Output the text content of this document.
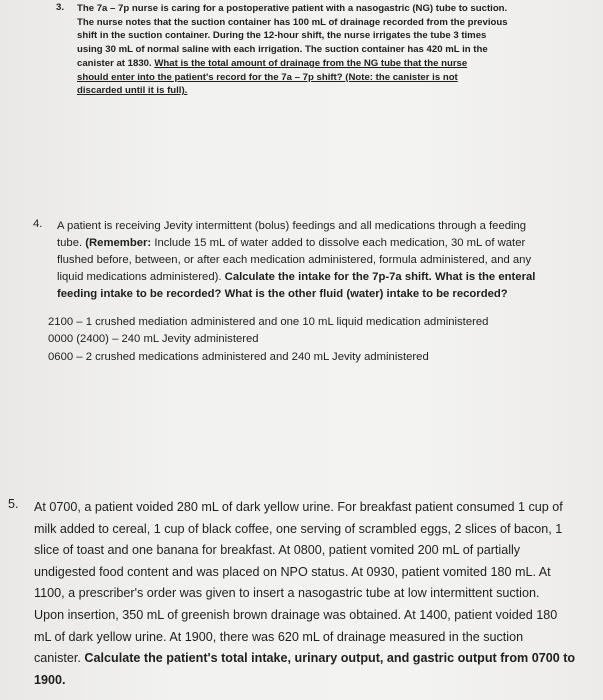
3. The 7a – 7p nurse is caring for a postoperative patient with a nasogastric (NG) tube to suction.
The nurse notes that the suction container has 100 mL of drainage recorded from the previous
shift in the suction container. During the 12-hour shift, the nurse irrigates the tube 3 times
using 30 mL of normal saline with each irrigation. The suction container has 420 mL in the
canister at 1830. What is the total amount of drainage from the NG tube that the nurse
should enter into the patient's record for the 7a – 7p shift? (Note: the canister is not
discarded until it is full).
4. A patient is receiving Jevity intermittent (bolus) feedings and all medications through a feeding
tube. (Remember: Include 15 mL of water added to dissolve each medication, 30 mL of water
flushed before, between, or after each medication administered, formula administered, and any
liquid medications administered). Calculate the intake for the 7p-7a shift. What is the enteral
feeding intake to be recorded? What is the other fluid (water) intake to be recorded?
2100 – 1 crushed mediation administered and one 10 mL liquid medication administered
0000 (2400) – 240 mL Jevity administered
0600 – 2 crushed medications administered and 240 mL Jevity administered
5. At 0700, a patient voided 280 mL of dark yellow urine. For breakfast patient consumed 1 cup of
milk added to cereal, 1 cup of black coffee, one serving of scrambled eggs, 2 slices of bacon, 1
slice of toast and one banana for breakfast. At 0800, patient vomited 200 mL of partially
undigested food content and was placed on NPO status. At 0930, patient vomited 180 mL. At
1100, a prescriber's order was given to insert a nasogastric tube at low intermittent suction.
Upon insertion, 350 mL of greenish brown drainage was obtained. At 1400, patient voided 180
mL of dark yellow urine. At 1900, there was 620 mL of drainage measured in the suction
canister. Calculate the patient's total intake, urinary output, and gastric output from 0700 to
1900.
